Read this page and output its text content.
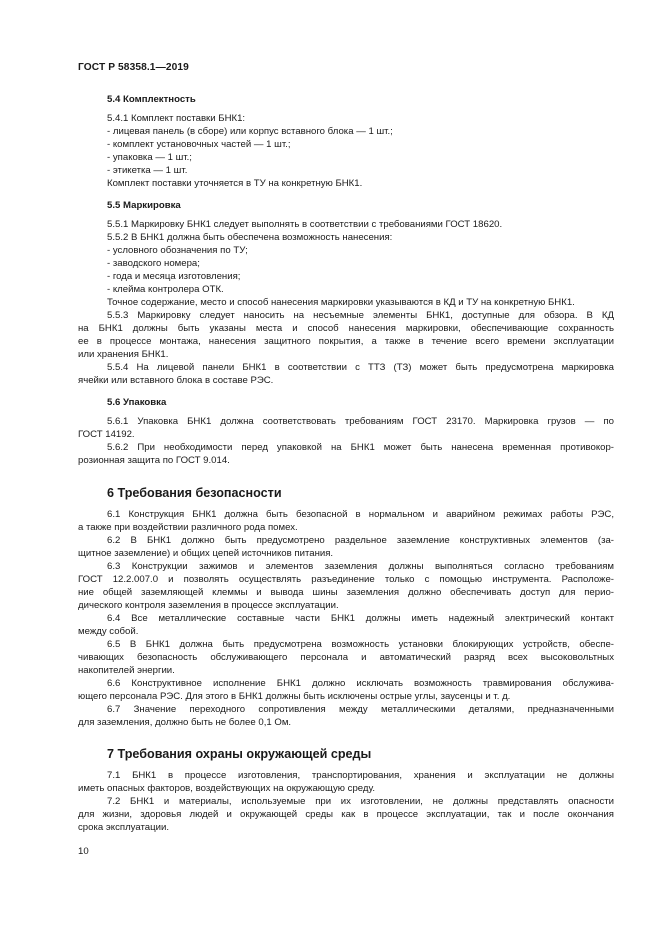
ГОСТ Р 58358.1—2019
5.4 Комплектность
5.4.1 Комплект поставки БНК1:
- лицевая панель (в сборе) или корпус вставного блока — 1 шт.;
- комплект установочных частей — 1 шт.;
- упаковка — 1 шт.;
- этикетка — 1 шт.
Комплект поставки уточняется в ТУ на конкретную БНК1.
5.5 Маркировка
5.5.1 Маркировку БНК1 следует выполнять в соответствии с требованиями ГОСТ 18620.
5.5.2 В БНК1 должна быть обеспечена возможность нанесения:
- условного обозначения по ТУ;
- заводского номера;
- года и месяца изготовления;
- клейма контролера ОТК.
Точное содержание, место и способ нанесения маркировки указываются в КД и ТУ на конкретную БНК1.
5.5.3 Маркировку следует наносить на несъемные элементы БНК1, доступные для обзора. В КД
на БНК1 должны быть указаны места и способ нанесения маркировки, обеспечивающие сохранность
ее в процессе монтажа, нанесения защитного покрытия, а также в течение всего времени эксплуатации
или хранения БНК1.
5.5.4 На лицевой панели БНК1 в соответствии с ТТЗ (ТЗ) может быть предусмотрена маркировка
ячейки или вставного блока в составе РЭС.
5.6 Упаковка
5.6.1 Упаковка БНК1 должна соответствовать требованиям ГОСТ 23170. Маркировка грузов — по
ГОСТ 14192.
5.6.2 При необходимости перед упаковкой на БНК1 может быть нанесена временная противокор-
розионная защита по ГОСТ 9.014.
6 Требования безопасности
6.1 Конструкция БНК1 должна быть безопасной в нормальном и аварийном режимах работы РЭС,
а также при воздействии различного рода помех.
6.2 В БНК1 должно быть предусмотрено раздельное заземление конструктивных элементов (за-
щитное заземление) и общих цепей источников питания.
6.3 Конструкции зажимов и элементов заземления должны выполняться согласно требованиям
ГОСТ 12.2.007.0 и позволять осуществлять разъединение только с помощью инструмента. Расположе-
ние общей заземляющей клеммы и вывода шины заземления должно обеспечивать доступ для перио-
дического контроля заземления в процессе эксплуатации.
6.4 Все металлические составные части БНК1 должны иметь надежный электрический контакт
между собой.
6.5 В БНК1 должна быть предусмотрена возможность установки блокирующих устройств, обеспе-
чивающих безопасность обслуживающего персонала и автоматический разряд всех высоковольтных
накопителей энергии.
6.6 Конструктивное исполнение БНК1 должно исключать возможность травмирования обслужива-
ющего персонала РЭС. Для этого в БНК1 должны быть исключены острые углы, заусенцы и т. д.
6.7 Значение переходного сопротивления между металлическими деталями, предназначенными
для заземления, должно быть не более 0,1 Ом.
7 Требования охраны окружающей среды
7.1 БНК1 в процессе изготовления, транспортирования, хранения и эксплуатации не должны
иметь опасных факторов, воздействующих на окружающую среду.
7.2 БНК1 и материалы, используемые при их изготовлении, не должны представлять опасности
для жизни, здоровья людей и окружающей среды как в процессе эксплуатации, так и после окончания
срока эксплуатации.
10
